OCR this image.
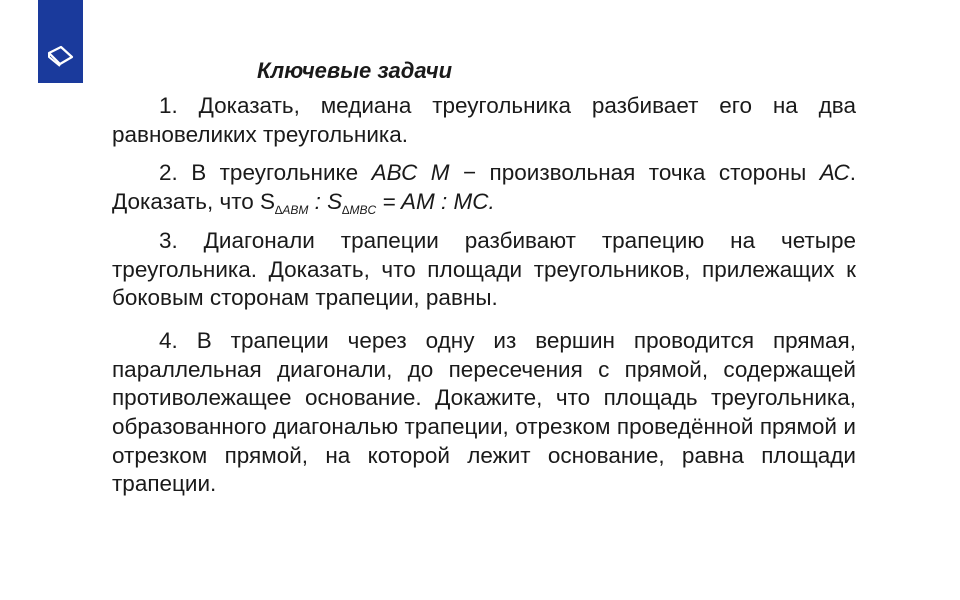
Ключевые задачи

1. Доказать, медиана треугольника разбивает его на два равновеликих треугольника.

2. В треугольнике АВС М − произвольная точка стороны АС. Доказать, что $S_{\Delta ABM}$ : $S_{\Delta MBC}$ = AM : MC.

3. Диагонали трапеции разбивают трапецию на четыре треугольника. Доказать, что площади треугольников, прилежащих к боковым сторонам трапеции, равны.

4. В трапеции через одну из вершин проводится прямая, параллельная диагонали, до пересечения с прямой, содержащей противолежащее основание. Докажите, что площадь треугольника, образованного диагональю трапеции, отрезком проведённой прямой и отрезком прямой, на которой лежит основание, равна площади трапеции.
